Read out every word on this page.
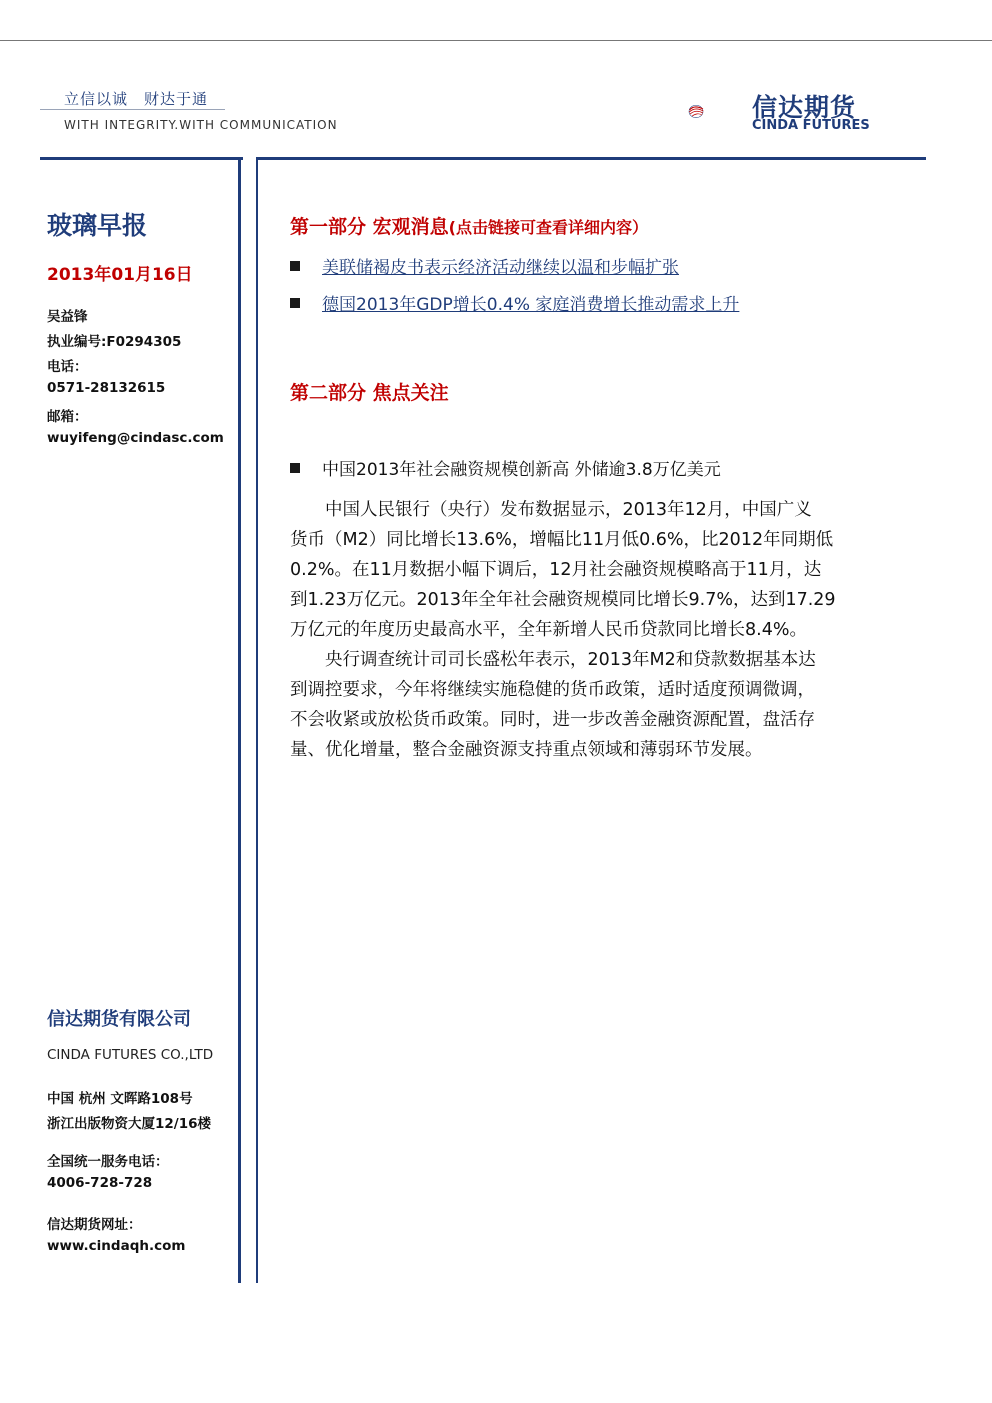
立信以诚　财达于通
WITH INTEGRITY.WITH COMMUNICATION
信达期货
CINDA FUTURES
玻璃早报
2013年01月16日
吴益锋
执业编号:F0294305
电话：
0571-28132615
邮箱：
wuyifeng@cindasc.com
信达期货有限公司
CINDA FUTURES CO.,LTD
中国 杭州 文晖路108号
浙江出版物资大厦12/16楼
全国统一服务电话：
4006-728-728
信达期货网址：
www.cindaqh.com
第一部分 宏观消息(点击链接可查看详细内容）
美联储褐皮书表示经济活动继续以温和步幅扩张
德国2013年GDP增长0.4% 家庭消费增长推动需求上升
第二部分 焦点关注
中国2013年社会融资规模创新高 外储逾3.8万亿美元
　　中国人民银行（央行）发布数据显示，2013年12月，中国广义
货币（M2）同比增长13.6%，增幅比11月低0.6%，比2012年同期低
0.2%。在11月数据小幅下调后，12月社会融资规模略高于11月，达
到1.23万亿元。2013年全年社会融资规模同比增长9.7%，达到17.29
万亿元的年度历史最高水平，全年新增人民币贷款同比增长8.4%。
　　央行调查统计司司长盛松年表示，2013年M2和贷款数据基本达
到调控要求，今年将继续实施稳健的货币政策，适时适度预调微调，
不会收紧或放松货币政策。同时，进一步改善金融资源配置，盘活存
量、优化增量，整合金融资源支持重点领域和薄弱环节发展。
